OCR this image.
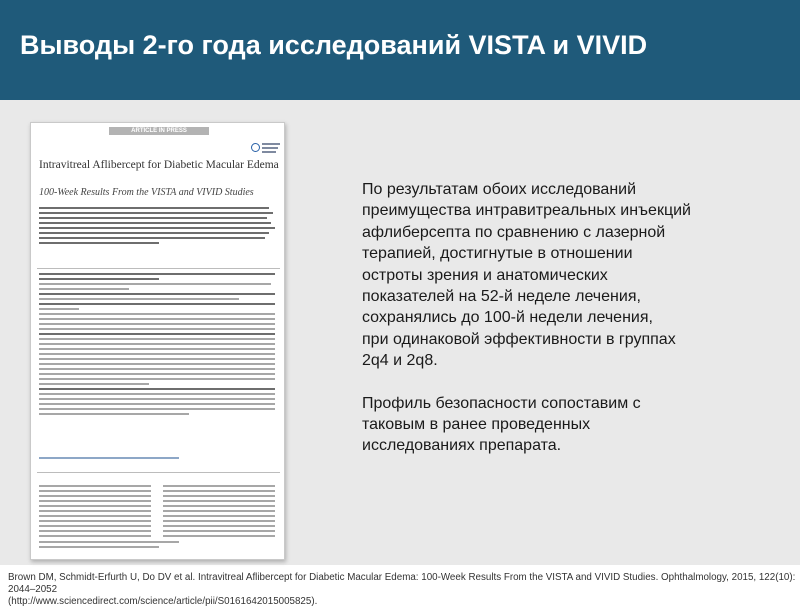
Выводы 2-го года исследований VISTA и VIVID
ARTICLE IN PRESS
Intravitreal Aflibercept for Diabetic Macular Edema
100-Week Results From the VISTA and VIVID Studies	По результатам обоих исследований
преимущества интравитреальных инъекций
афлиберсепта по сравнению с лазерной
терапией, достигнутые в отношении
остроты зрения и анатомических
показателей на 52-й неделе лечения,
сохранялись до 100-й недели лечения,
при одинаковой эффективности в группах
2q4 и 2q8.

Профиль безопасности сопоставим с
таковым в ранее проведенных
исследованиях препарата.

Brown DM, Schmidt-Erfurth U, Do DV et al. Intravitreal Aflibercept for Diabetic Macular Edema: 100-Week Results From the VISTA and VIVID Studies. Ophthalmology, 2015, 122(10): 2044–2052
(http://www.sciencedirect.com/science/article/pii/S0161642015005825).
